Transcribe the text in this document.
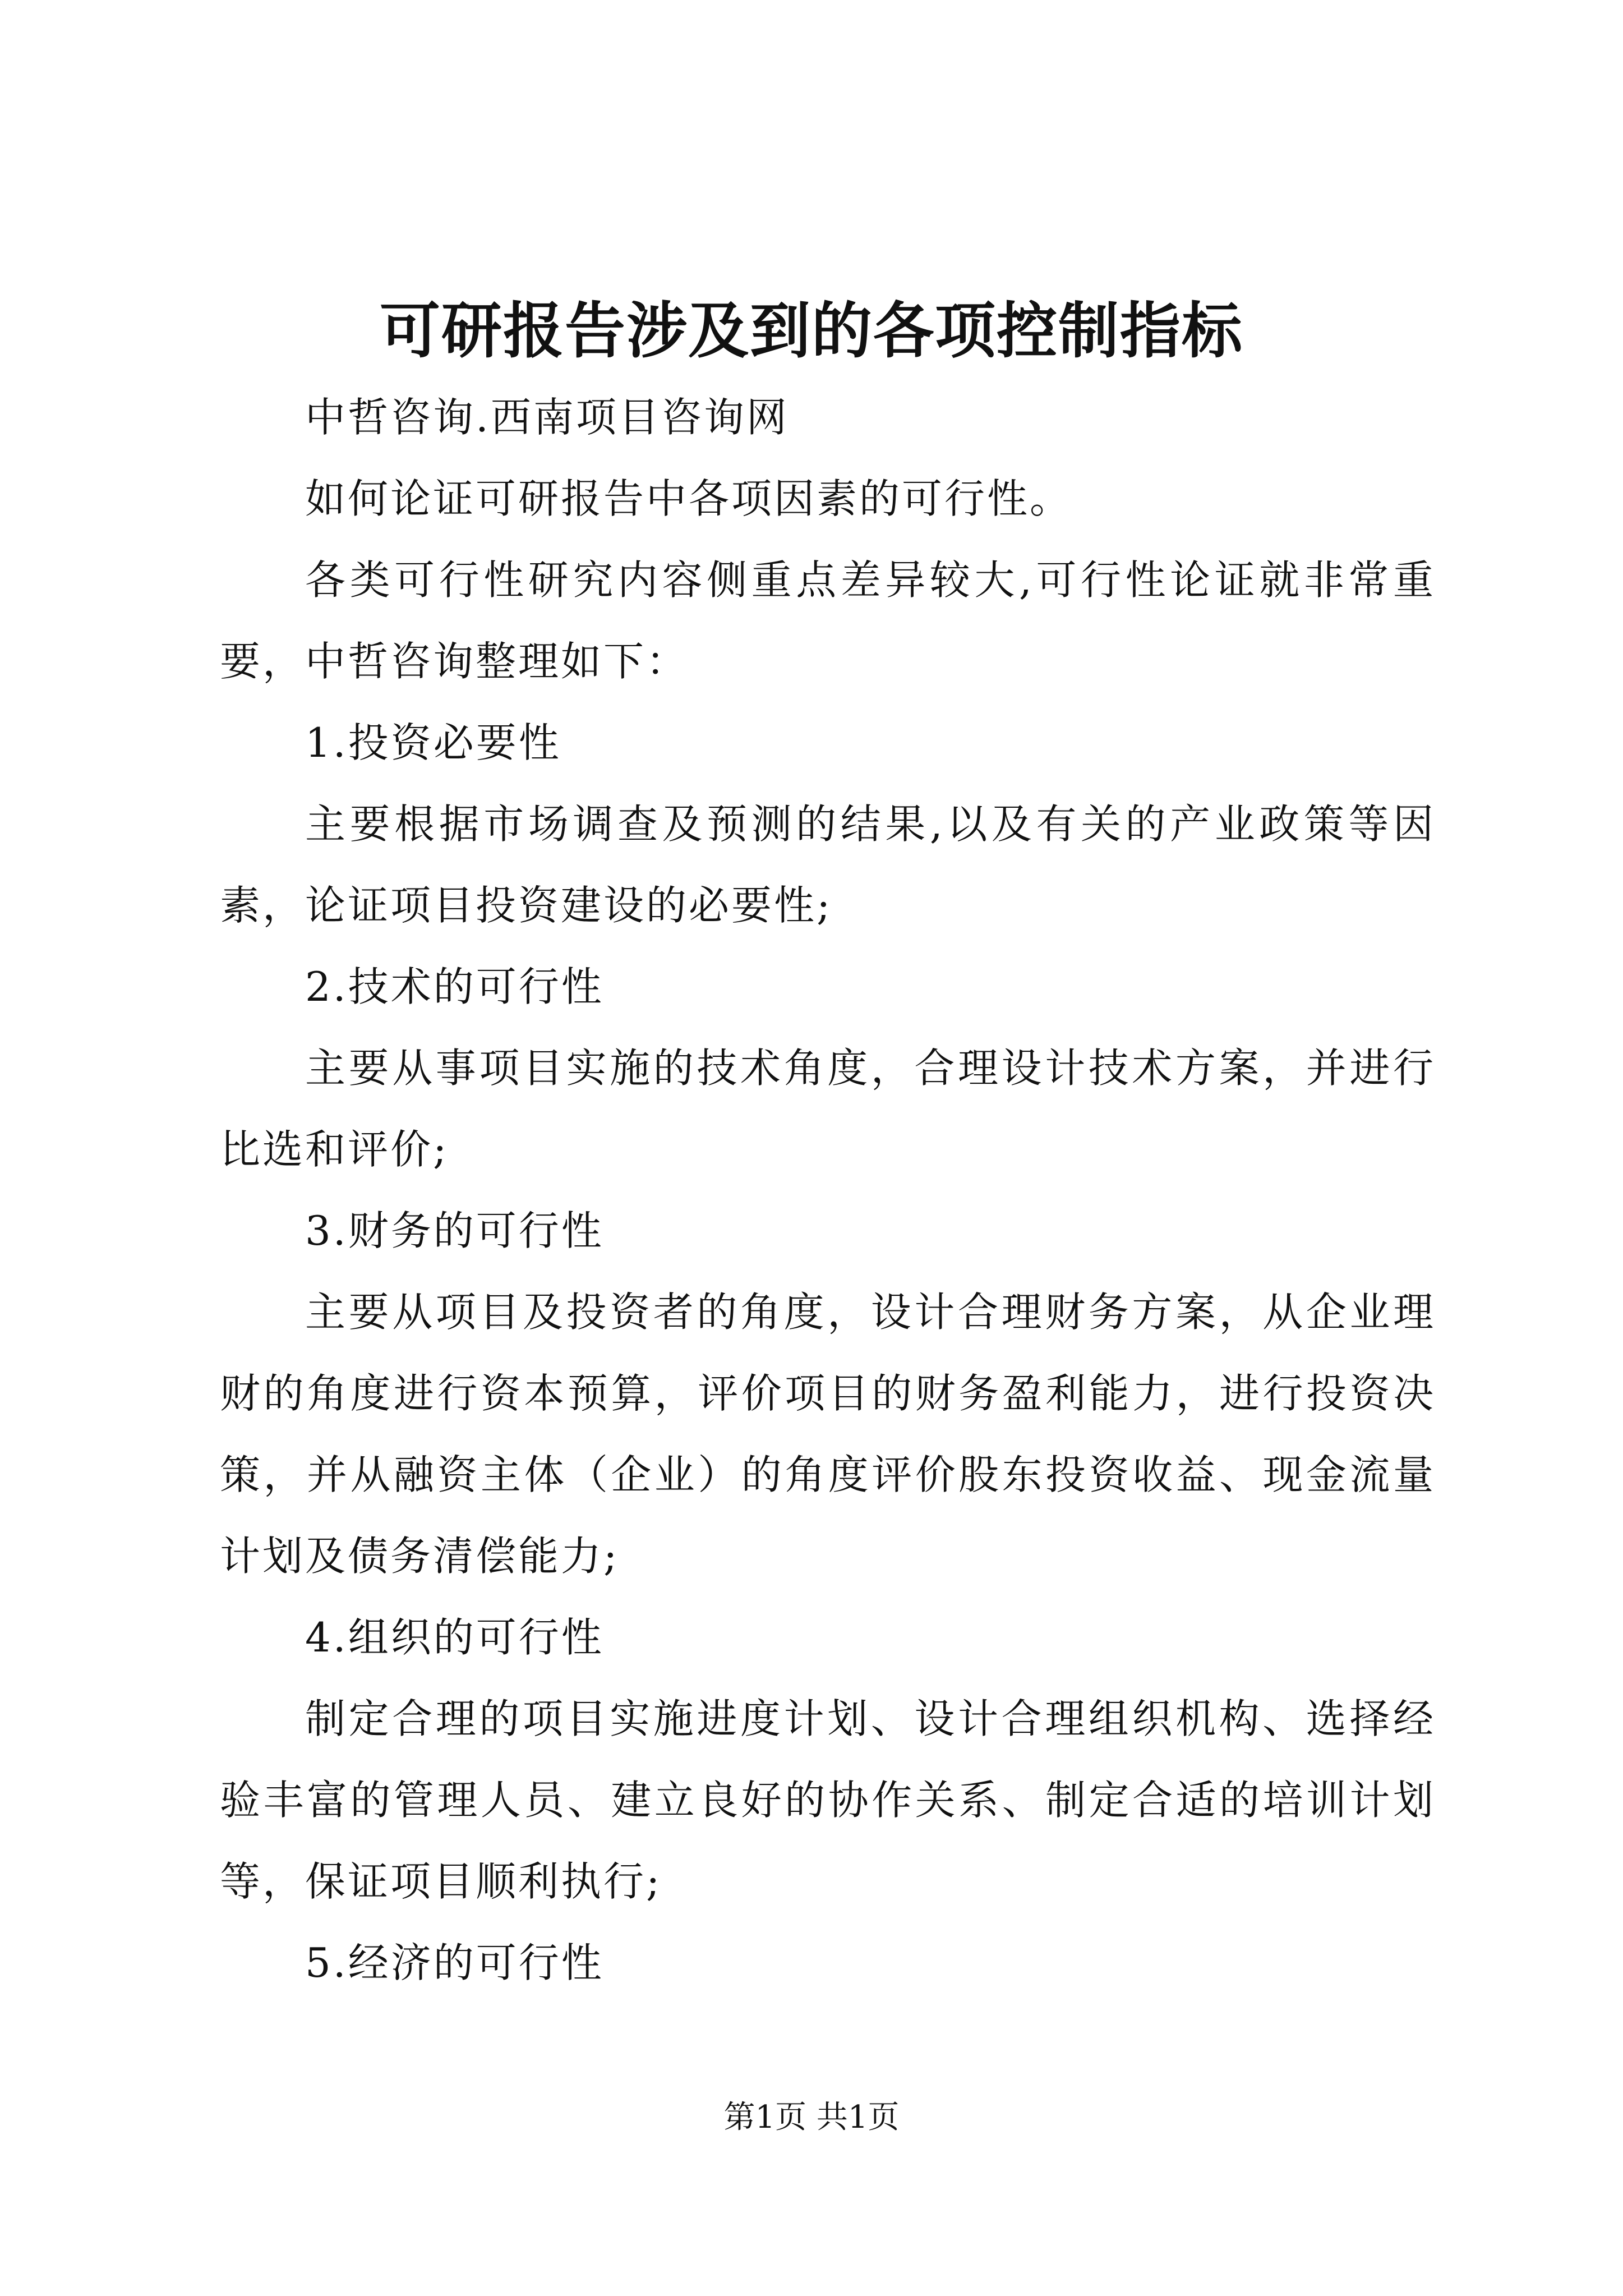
可研报告涉及到的各项控制指标

中哲咨询.西南项目咨询网

如何论证可研报告中各项因素的可行性。

各类可行性研究内容侧重点差异较大,可行性论证就非常重要，中哲咨询整理如下：

1.投资必要性

主要根据市场调查及预测的结果,以及有关的产业政策等因素，论证项目投资建设的必要性;

2.技术的可行性

主要从事项目实施的技术角度，合理设计技术方案，并进行比选和评价;

3.财务的可行性

主要从项目及投资者的角度，设计合理财务方案，从企业理财的角度进行资本预算，评价项目的财务盈利能力，进行投资决策，并从融资主体（企业）的角度评价股东投资收益、现金流量计划及债务清偿能力;

4.组织的可行性

制定合理的项目实施进度计划、设计合理组织机构、选择经验丰富的管理人员、建立良好的协作关系、制定合适的培训计划等，保证项目顺利执行;

5.经济的可行性

第1页 共1页
